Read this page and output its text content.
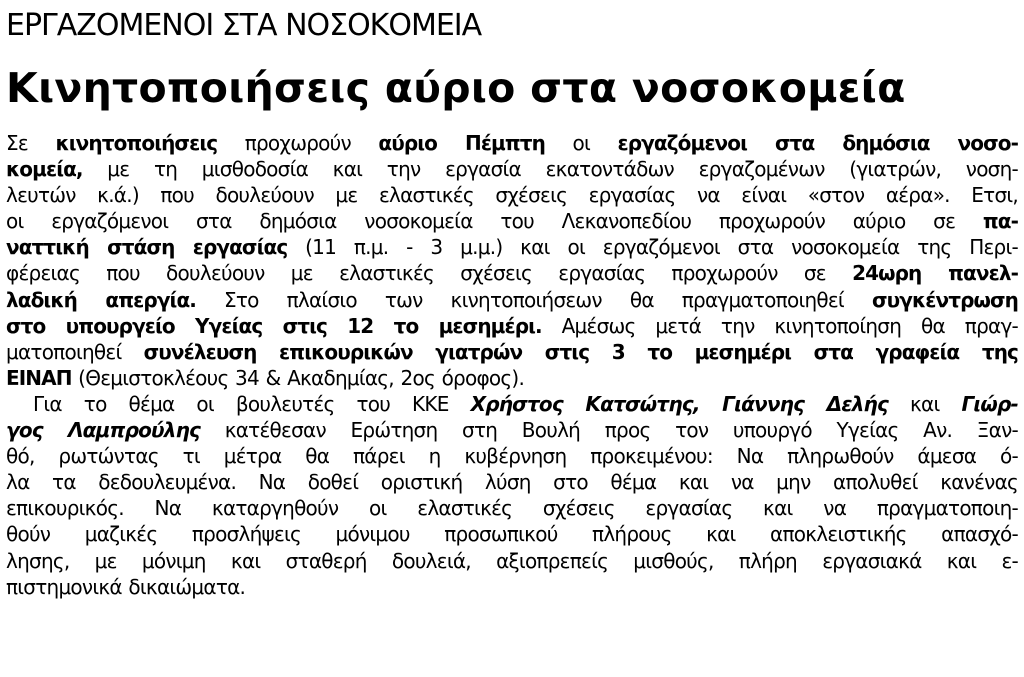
ΕΡΓΑΖΟΜΕΝΟΙ ΣΤΑ ΝΟΣΟΚΟΜΕΙΑ
Κινητοποιήσεις αύριο στα νοσοκομεία
Σε κινητοποιήσεις προχωρούν αύριο Πέμπτη οι εργαζόμενοι στα δημόσια νοσο-
κομεία, με τη μισθοδοσία και την εργασία εκατοντάδων εργαζομένων (γιατρών, νοση-
λευτών κ.ά.) που δουλεύουν με ελαστικές σχέσεις εργασίας να είναι «στον αέρα». Ετσι,
οι εργαζόμενοι στα δημόσια νοσοκομεία του Λεκανοπεδίου προχωρούν αύριο σε πα-
ναττική στάση εργασίας (11 π.μ. - 3 μ.μ.) και οι εργαζόμενοι στα νοσοκομεία της Περι-
φέρειας που δουλεύουν με ελαστικές σχέσεις εργασίας προχωρούν σε 24ωρη πανελ-
λαδική απεργία. Στο πλαίσιο των κινητοποιήσεων θα πραγματοποιηθεί συγκέντρωση
στο υπουργείο Υγείας στις 12 το μεσημέρι. Αμέσως μετά την κινητοποίηση θα πραγ-
ματοποιηθεί συνέλευση επικουρικών γιατρών στις 3 το μεσημέρι στα γραφεία της
ΕΙΝΑΠ (Θεμιστοκλέους 34 & Ακαδημίας, 2ος όροφος).
Για το θέμα οι βουλευτές του ΚΚΕ Χρήστος Κατσώτης, Γιάννης Δελής και Γιώρ-
γος Λαμπρούλης κατέθεσαν Ερώτηση στη Βουλή προς τον υπουργό Υγείας Αν. Ξαν-
θό, ρωτώντας τι μέτρα θα πάρει η κυβέρνηση προκειμένου: Να πληρωθούν άμεσα ό-
λα τα δεδουλευμένα. Να δοθεί οριστική λύση στο θέμα και να μην απολυθεί κανένας
επικουρικός. Να καταργηθούν οι ελαστικές σχέσεις εργασίας και να πραγματοποιη-
θούν μαζικές προσλήψεις μόνιμου προσωπικού πλήρους και αποκλειστικής απασχό-
λησης, με μόνιμη και σταθερή δουλειά, αξιοπρεπείς μισθούς, πλήρη εργασιακά και ε-
πιστημονικά δικαιώματα.
